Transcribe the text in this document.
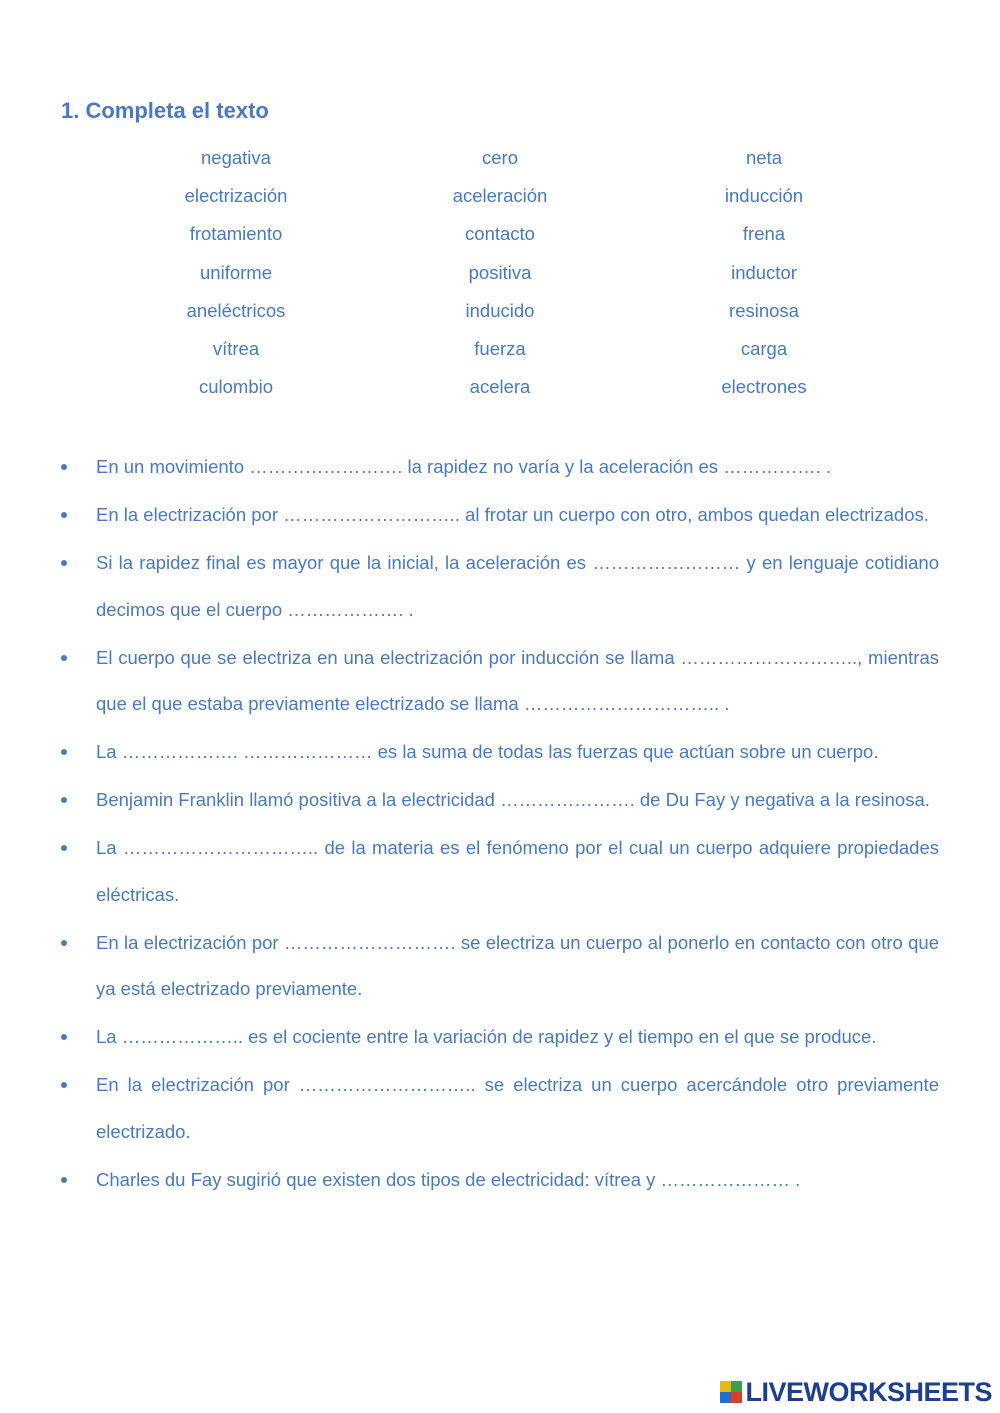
1. Completa el texto
negativa	cero	neta
electrización	aceleración	inducción
frotamiento	contacto	frena
uniforme	positiva	inductor
aneléctricos	inducido	resinosa
vítrea	fuerza	carga
culombio	acelera	electrones
En un movimiento ……………………. la rapidez no varía y la aceleración es ……………. .
En la electrización por ……………………….. al frotar un cuerpo con otro, ambos quedan electrizados.
Si la rapidez final es mayor que la inicial, la aceleración es …………………… y en lenguaje cotidiano decimos que el cuerpo ………………. .
El cuerpo que se electriza en una electrización por inducción se llama ……………………….., mientras que el que estaba previamente electrizado se llama ………………………….. .
La ………………. ………………… es la suma de todas las fuerzas que actúan sobre un cuerpo.
Benjamin Franklin llamó positiva a la electricidad …………………. de Du Fay y negativa a la resinosa.
La ………………………….. de la materia es el fenómeno por el cual un cuerpo adquiere propiedades eléctricas.
En la electrización por ………………………. se electriza un cuerpo al ponerlo en contacto con otro que ya está electrizado previamente.
La ……………….. es el cociente entre la variación de rapidez y el tiempo en el que se produce.
En la electrización por ……………………….. se electriza un cuerpo acercándole otro previamente electrizado.
Charles du Fay sugirió que existen dos tipos de electricidad: vítrea y ………………… .
LIVEWORKSHEETS
